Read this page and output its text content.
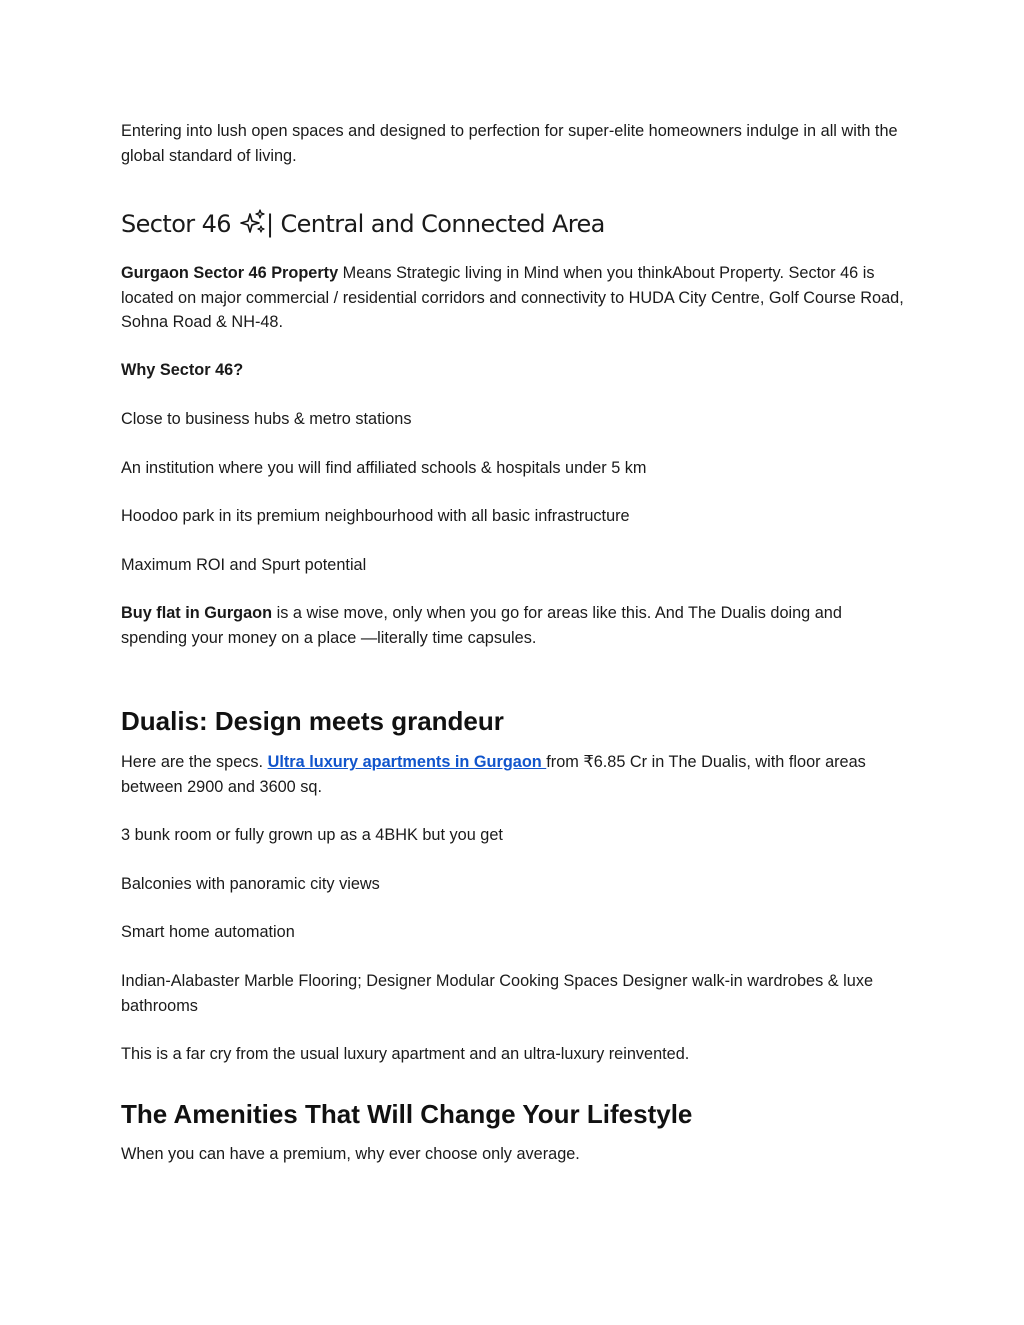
Entering into lush open spaces and designed to perfection for super-elite homeowners indulge in all with the global standard of living.

Sector 46 | Central and Connected Area

Gurgaon Sector 46 Property Means Strategic living in Mind when you thinkAbout Property. Sector 46 is located on major commercial / residential corridors and connectivity to HUDA City Centre, Golf Course Road, Sohna Road & NH-48.

Why Sector 46?

Close to business hubs & metro stations

An institution where you will find affiliated schools & hospitals under 5 km

Hoodoo park in its premium neighbourhood with all basic infrastructure

Maximum ROI and Spurt potential

Buy flat in Gurgaon is a wise move, only when you go for areas like this. And The Dualis doing and spending your money on a place —literally time capsules.

Dualis: Design meets grandeur

Here are the specs. Ultra luxury apartments in Gurgaon from ₹6.85 Cr in The Dualis, with floor areas between 2900 and 3600 sq.

3 bunk room or fully grown up as a 4BHK but you get

Balconies with panoramic city views

Smart home automation

Indian-Alabaster Marble Flooring; Designer Modular Cooking Spaces Designer walk-in wardrobes & luxe bathrooms

This is a far cry from the usual luxury apartment and an ultra-luxury reinvented.

The Amenities That Will Change Your Lifestyle

When you can have a premium, why ever choose only average.
